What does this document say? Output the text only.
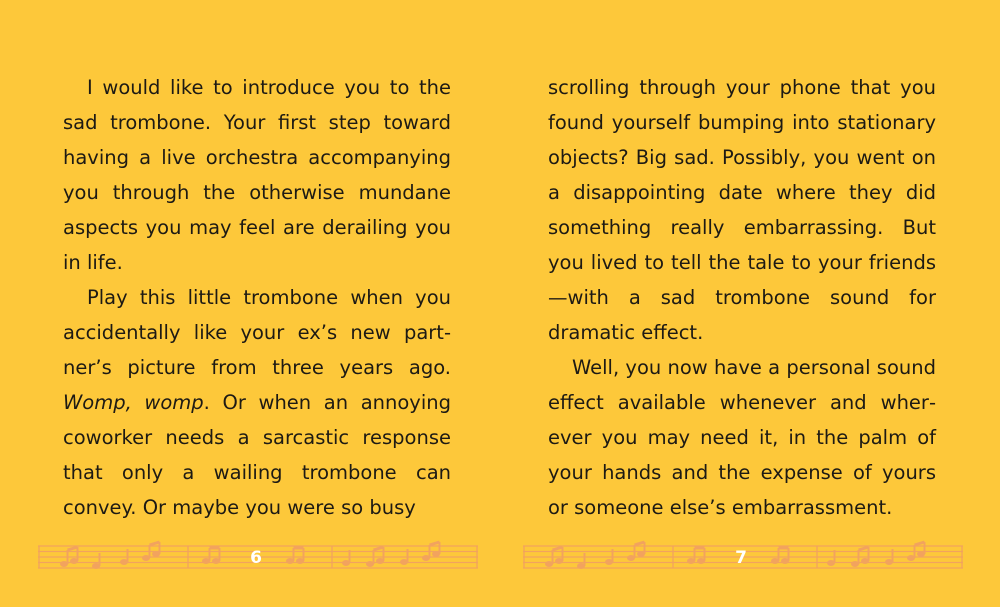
I would like to introduce you to the sad trombone. Your first step toward having a live orchestra accompanying you through the otherwise mundane aspects you may feel are derailing you in life.

Play this little trombone when you accidentally like your ex’s new partner’s picture from three years ago. Womp, womp. Or when an annoying coworker needs a sarcastic response that only a wailing trombone can convey. Or maybe you were so busy

scrolling through your phone that you found yourself bumping into stationary objects? Big sad. Possibly, you went on a disappointing date where they did something really embarrassing. But you lived to tell the tale to your friends—with a sad trombone sound for dramatic effect.

Well, you now have a personal sound effect available whenever and wherever you may need it, in the palm of your hands and the expense of yours or someone else’s embarrassment.

6	7
